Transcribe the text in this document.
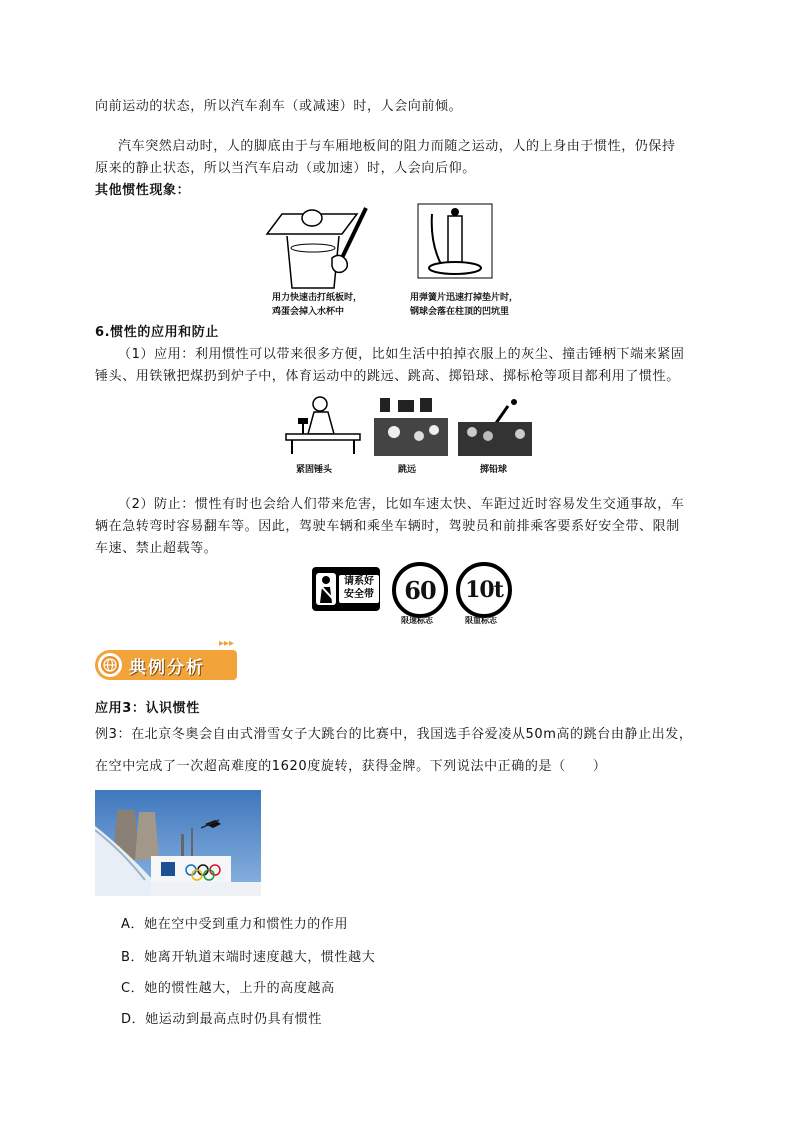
向前运动的状态，所以汽车刹车（或减速）时，人会向前倾。
汽车突然启动时，人的脚底由于与车厢地板间的阻力而随之运动，人的上身由于惯性，仍保持
原来的静止状态，所以当汽车启动（或加速）时，人会向后仰。
其他惯性现象：
用力快速击打纸板时，
鸡蛋会掉入水杯中
用弹簧片迅速打掉垫片时，
钢球会落在柱顶的凹坑里
6.惯性的应用和防止
（1）应用：利用惯性可以带来很多方便，比如生活中拍掉衣服上的灰尘、撞击锤柄下端来紧固
锤头、用铁锹把煤扔到炉子中，体育运动中的跳远、跳高、掷铅球、掷标枪等项目都利用了惯性。
紧固锤头	跳远	掷铅球
（2）防止：惯性有时也会给人们带来危害，比如车速太快、车距过近时容易发生交通事故，车
辆在急转弯时容易翻车等。因此，驾驶车辆和乘坐车辆时，驾驶员和前排乘客要系好安全带、限制
车速、禁止超载等。
请系好
安全带 60 10t
限速标志	限重标志
典例分析
▸▸▸
应用3：认识惯性
例3：在北京冬奥会自由式滑雪女子大跳台的比赛中，我国选手谷爱凌从50m高的跳台由静止出发，
在空中完成了一次超高难度的1620度旋转，获得金牌。下列说法中正确的是（　　）
A．她在空中受到重力和惯性力的作用
B．她离开轨道末端时速度越大，惯性越大
C．她的惯性越大，上升的高度越高
D．她运动到最高点时仍具有惯性
